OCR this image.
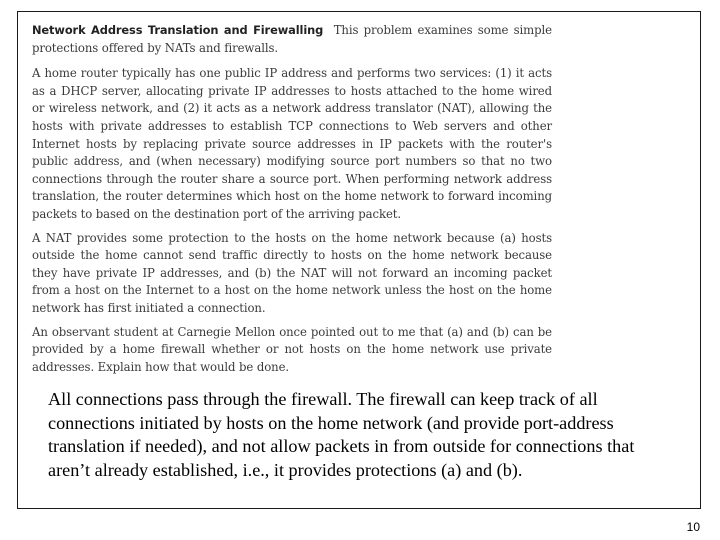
Network Address Translation and Firewalling This problem examines some simple protections offered by NATs and firewalls.

A home router typically has one public IP address and performs two services: (1) it acts as a DHCP server, allocating private IP addresses to hosts attached to the home wired or wireless network, and (2) it acts as a network address translator (NAT), allowing the hosts with private addresses to establish TCP connections to Web servers and other Internet hosts by replacing private source addresses in IP packets with the router's public address, and (when necessary) modifying source port numbers so that no two connections through the router share a source port. When performing network address translation, the router determines which host on the home network to forward incoming packets to based on the destination port of the arriving packet.

A NAT provides some protection to the hosts on the home network because (a) hosts outside the home cannot send traffic directly to hosts on the home network because they have private IP addresses, and (b) the NAT will not forward an incoming packet from a host on the Internet to a host on the home network unless the host on the home network has first initiated a connection.

An observant student at Carnegie Mellon once pointed out to me that (a) and (b) can be provided by a home firewall whether or not hosts on the home network use private addresses. Explain how that would be done.

All connections pass through the firewall. The firewall can keep track of all connections initiated by hosts on the home network (and provide port-address translation if needed), and not allow packets in from outside for connections that aren’t already established, i.e., it provides protections (a) and (b).
10
